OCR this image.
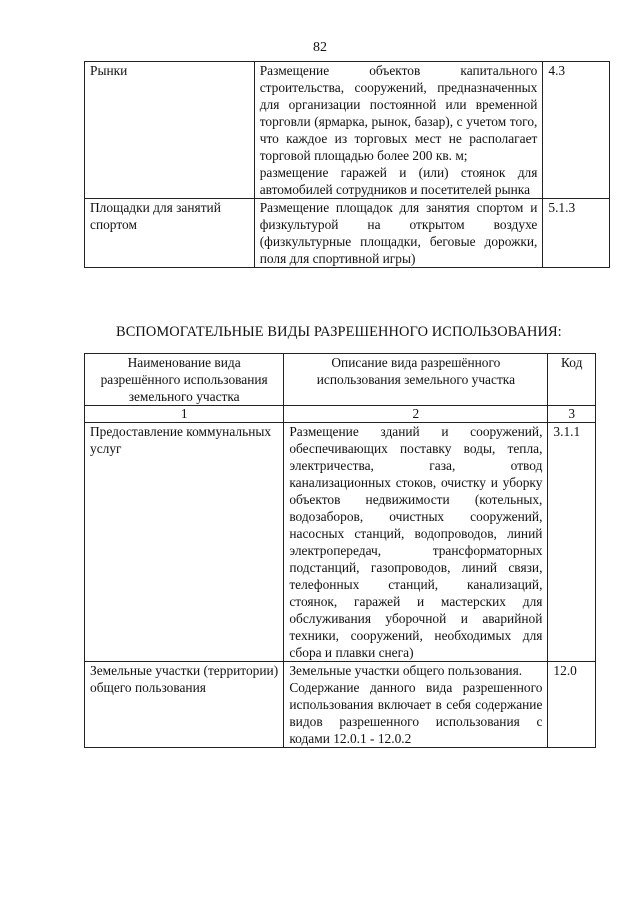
82
Рынки	Размещение объектов капитального строительства, сооружений, предназначенных для организации постоянной или временной торговли (ярмарка, рынок, базар), с учетом того, что каждое из торговых мест не располагает торговой площадью более 200 кв. м;
размещение гаражей и (или) стоянок для автомобилей сотрудников и посетителей рынка	4.3
Площадки для занятий спортом	Размещение площадок для занятия спортом и физкультурой на открытом воздухе (физкультурные площадки, беговые дорожки, поля для спортивной игры)	5.1.3
ВСПОМОГАТЕЛЬНЫЕ ВИДЫ РАЗРЕШЕННОГО ИСПОЛЬЗОВАНИЯ:
Наименование вида разрешённого использования земельного участка	Описание вида разрешённого использования земельного участка	Код
1	2	3
Предоставление коммунальных услуг	Размещение зданий и сооружений, обеспечивающих поставку воды, тепла, электричества, газа, отвод канализационных стоков, очистку и уборку объектов недвижимости (котельных, водозаборов, очистных сооружений, насосных станций, водопроводов, линий электропередач, трансформаторных подстанций, газопроводов, линий связи, телефонных станций, канализаций, стоянок, гаражей и мастерских для обслуживания уборочной и аварийной техники, сооружений, необходимых для сбора и плавки снега)	3.1.1
Земельные участки (территории) общего пользования	Земельные участки общего пользования.
Содержание данного вида разрешенного использования включает в себя содержание видов разрешенного использования с кодами 12.0.1 - 12.0.2	12.0
